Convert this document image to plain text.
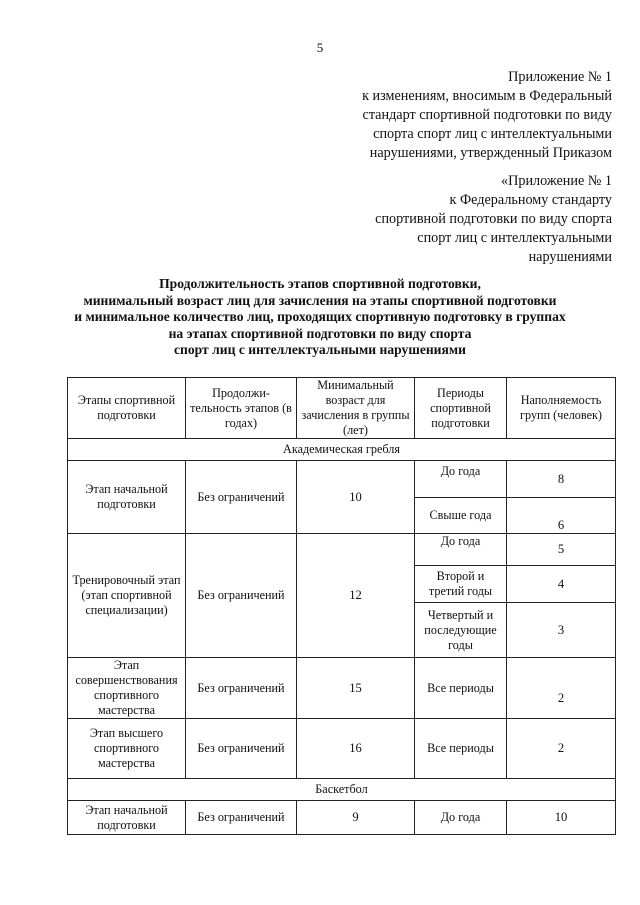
5
Приложение № 1
к изменениям, вносимым в Федеральный
стандарт спортивной подготовки по виду
спорта спорт лиц с интеллектуальными
нарушениями, утвержденный Приказом
«Приложение № 1
к Федеральному стандарту
спортивной подготовки по виду спорта
спорт лиц с интеллектуальными
нарушениями
Продолжительность этапов спортивной подготовки,
минимальный возраст лиц для зачисления на этапы спортивной подготовки
и минимальное количество лиц, проходящих спортивную подготовку в группах
на этапах спортивной подготовки по виду спорта
спорт лиц с интеллектуальными нарушениями
Этапы спортивной подготовки	Продолжи-тельность этапов (в годах)	Минимальный возраст для зачисления в группы (лет)	Периоды спортивной подготовки	Наполняемость групп (человек)
Академическая гребля				
Этап начальной подготовки	Без ограничений	10	До года	8
			Свыше года	6
Тренировочный этап (этап спортивной специализации)	Без ограничений	12	До года	5
			Второй и третий годы	4
			Четвертый и последующие годы	3
Этап совершенствования спортивного мастерства	Без ограничений	15	Все периоды	2
Этап высшего спортивного мастерства	Без ограничений	16	Все периоды	2
Баскетбол				
Этап начальной подготовки	Без ограничений	9	До года	10
